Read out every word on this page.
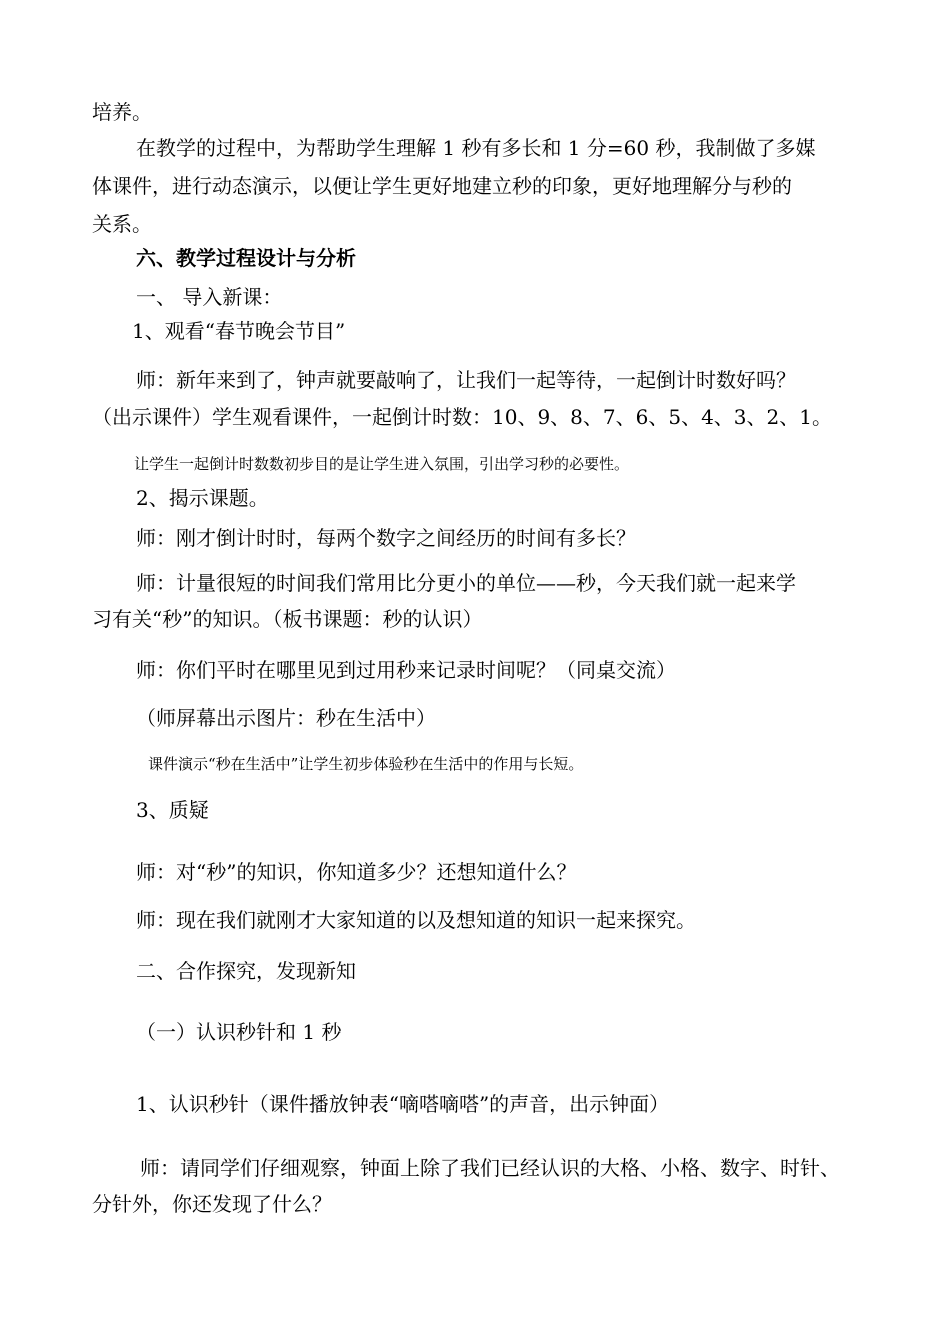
培养。
在教学的过程中，为帮助学生理解 1 秒有多长和 1 分=60 秒，我制做了多媒
体课件，进行动态演示，以便让学生更好地建立秒的印象，更好地理解分与秒的
关系。
六、教学过程设计与分析
一、 导入新课：
1、观看“春节晚会节目”
师：新年来到了，钟声就要敲响了，让我们一起等待，一起倒计时数好吗？
（出示课件）学生观看课件，一起倒计时数：10、9、8、7、6、5、4、3、2、1。
让学生一起倒计时数数初步目的是让学生进入氛围，引出学习秒的必要性。
2、揭示课题。
师：刚才倒计时时，每两个数字之间经历的时间有多长？
师：计量很短的时间我们常用比分更小的单位——秒，今天我们就一起来学
习有关“秒”的知识。（板书课题：秒的认识）
师：你们平时在哪里见到过用秒来记录时间呢？（同桌交流）
（师屏幕出示图片：秒在生活中）
课件演示“秒在生活中”让学生初步体验秒在生活中的作用与长短。
3、质疑
师：对“秒”的知识，你知道多少？还想知道什么？
师：现在我们就刚才大家知道的以及想知道的知识一起来探究。
二、合作探究，发现新知
（一）认识秒针和 1 秒
1、认识秒针（课件播放钟表“嘀嗒嘀嗒”的声音，出示钟面）
师：请同学们仔细观察，钟面上除了我们已经认识的大格、小格、数字、时针、
分针外，你还发现了什么？
